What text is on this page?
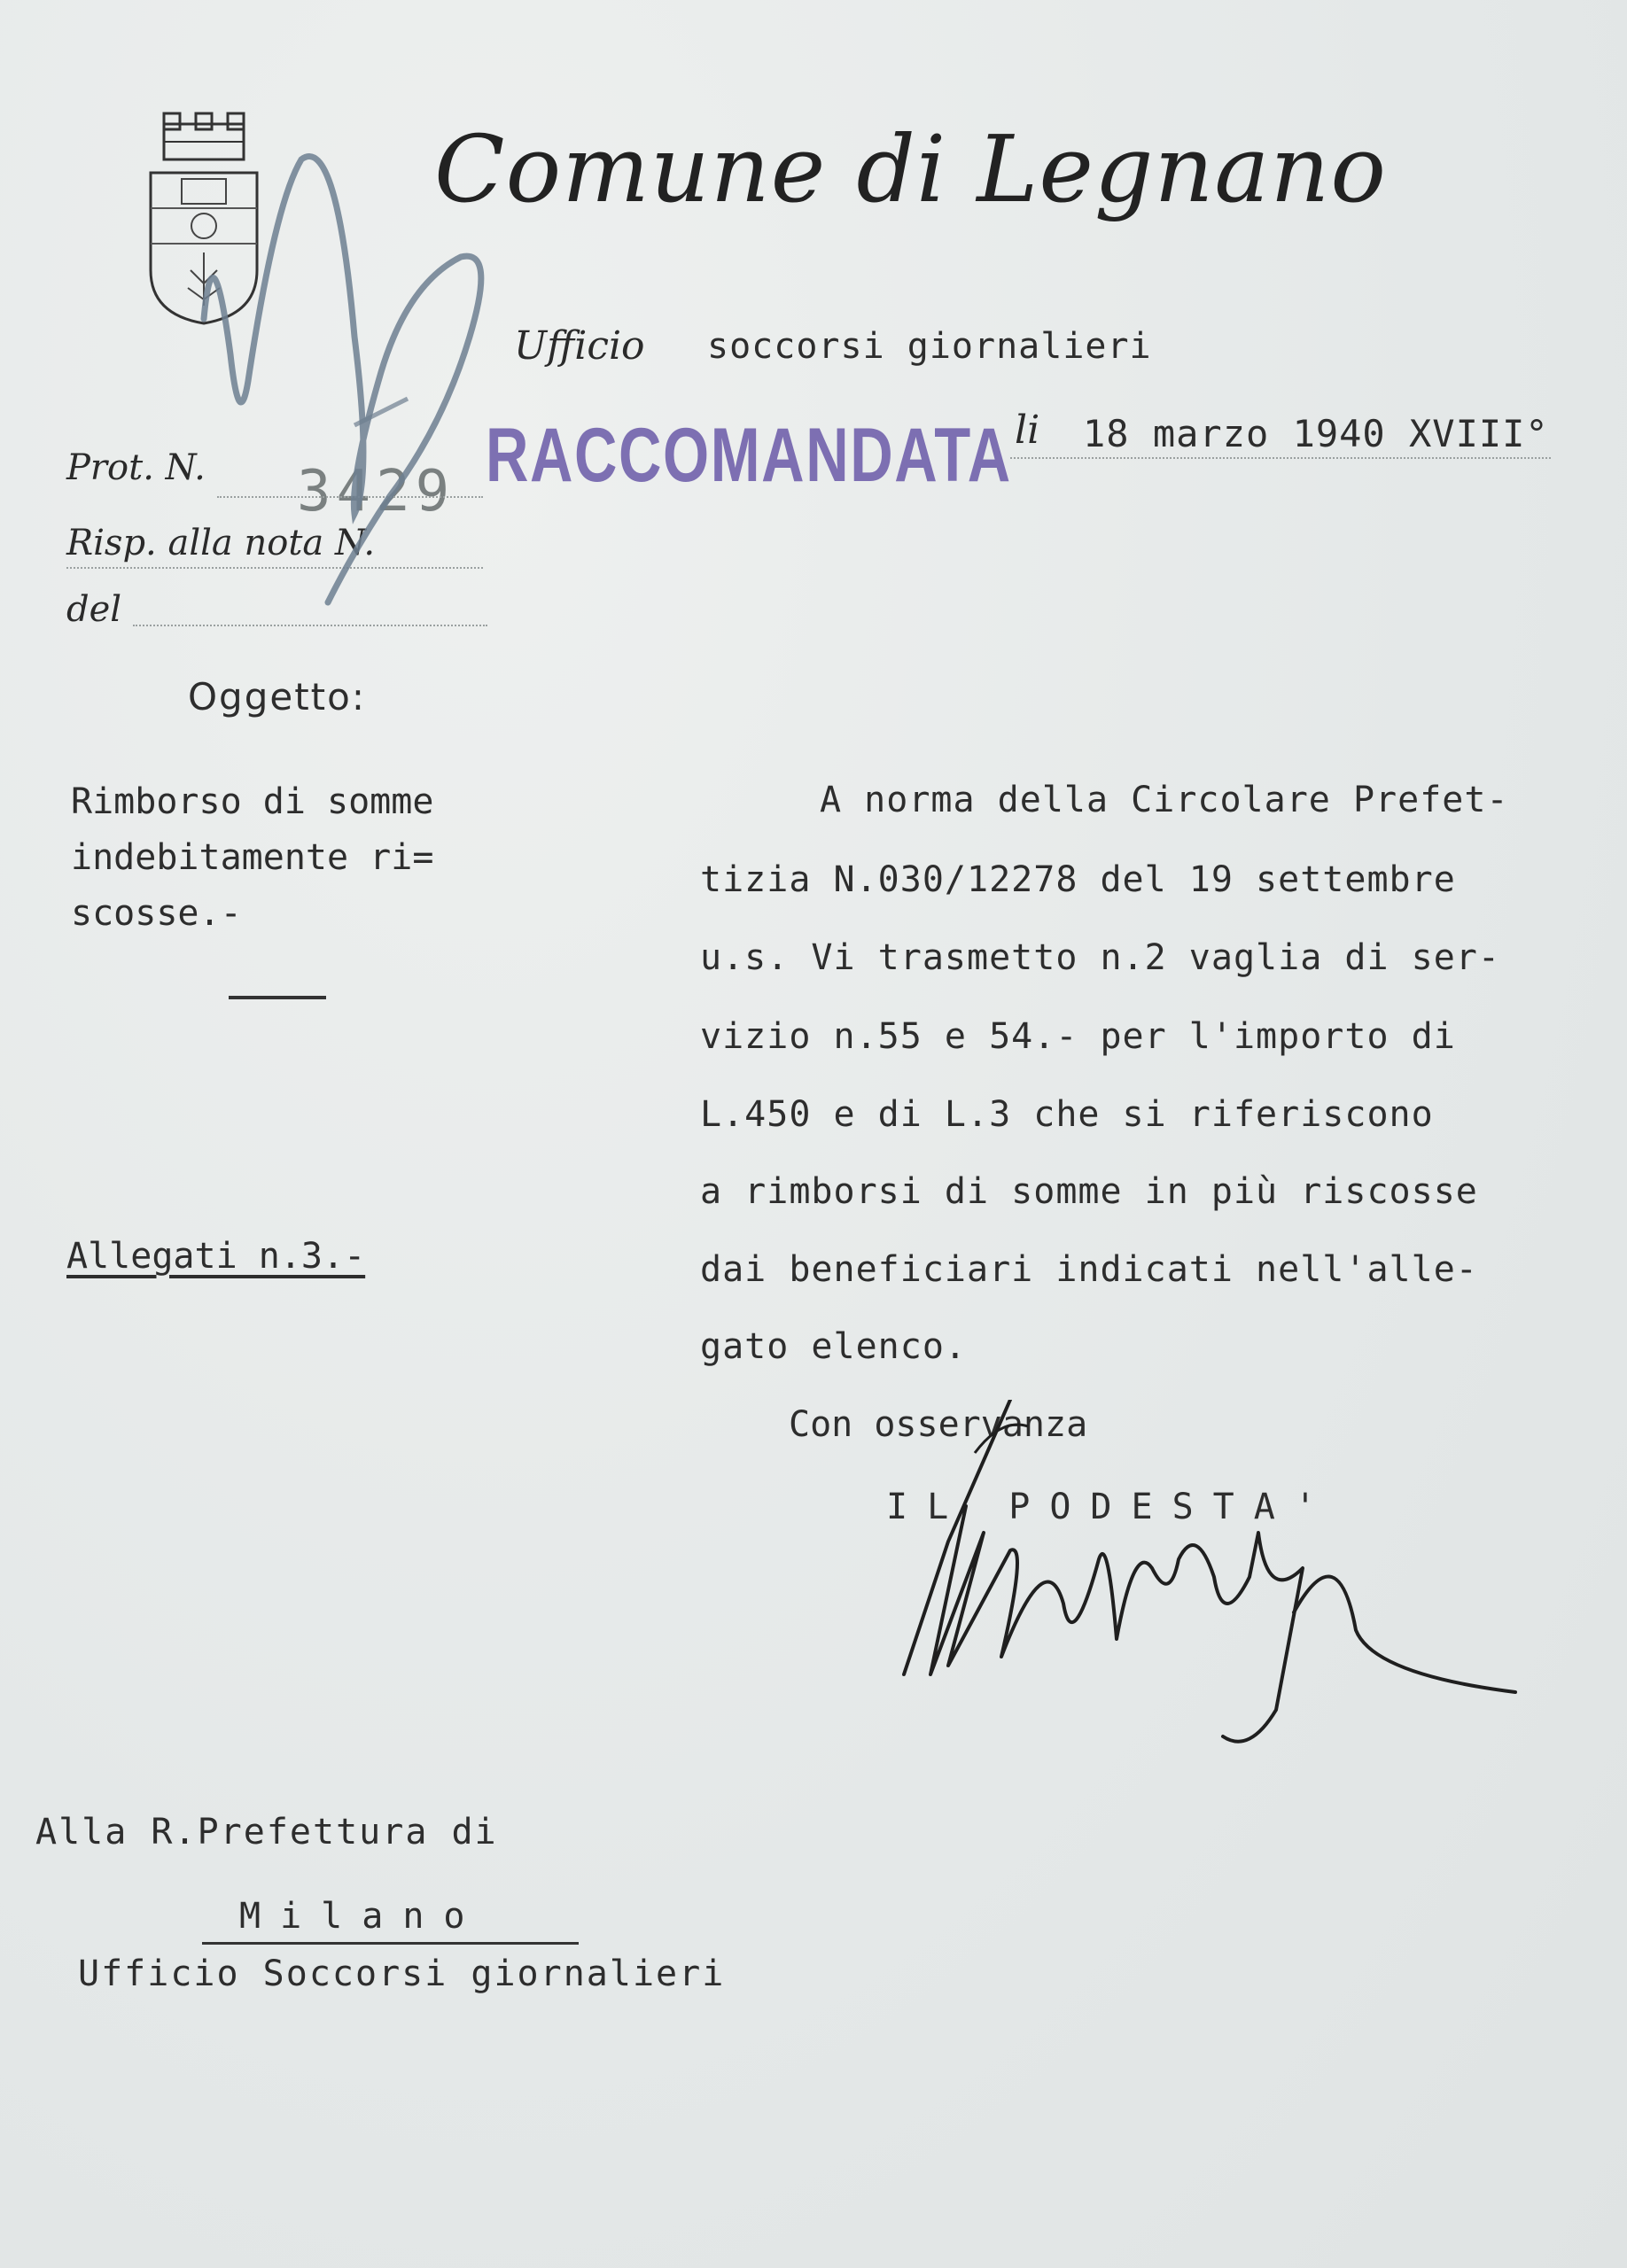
Comune di Legnano
Ufficio soccorsi giornalieri
RACCOMANDATA li 18 marzo 1940 XVIII°
Prot. N. 3429
Risp. alla nota N.
del
Oggetto:
Rimborso di somme
indebitamente ri=
scosse.-
Allegati n.3.-
A norma della Circolare Prefet-
tizia N.030/12278 del 19 settembre
u.s. Vi trasmetto n.2 vaglia di ser-
vizio n.55 e 54.- per l'importo di
L.450 e di L.3 che si riferiscono
a rimborsi di somme in più riscosse
dai beneficiari indicati nell'alle-
gato elenco.
Con osservanza
IL PODESTA'
Alla R.Prefettura di
Milano
Ufficio Soccorsi giornalieri
